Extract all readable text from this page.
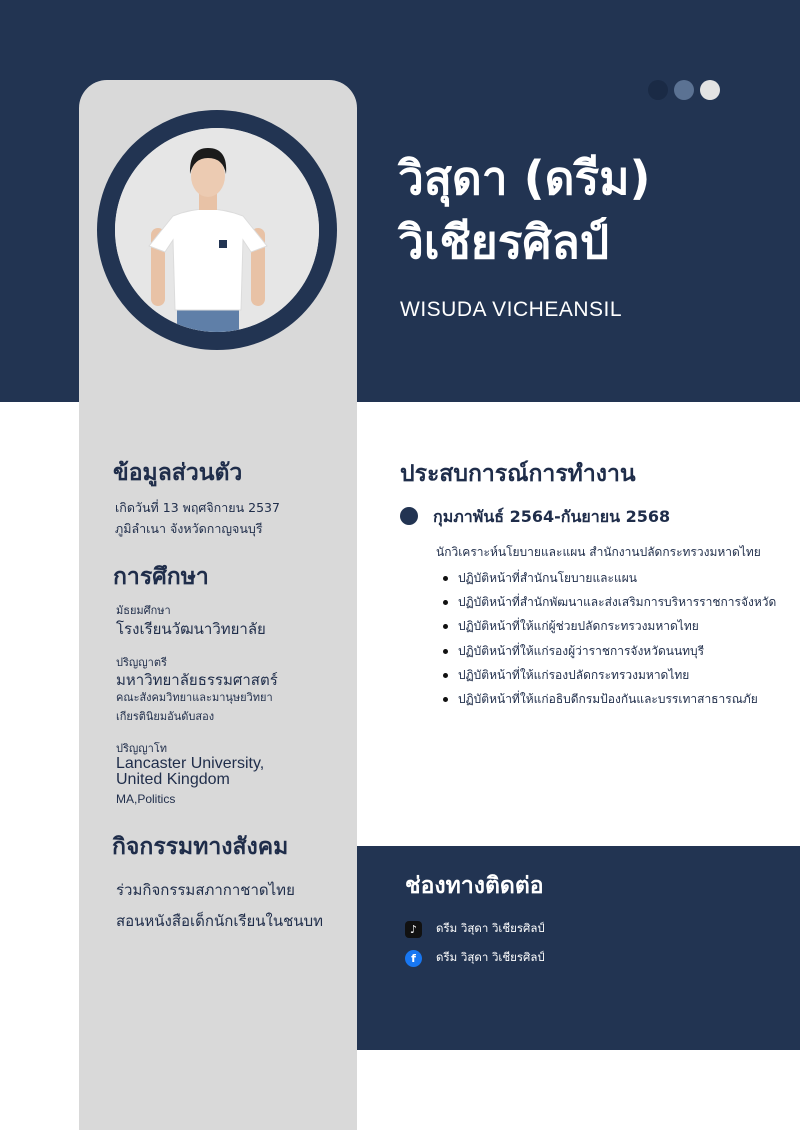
วิสุดา (ดรีม)
วิเชียรศิลป์
WISUDA VICHEANSIL
ข้อมูลส่วนตัว
เกิดวันที่ 13 พฤศจิกายน 2537
ภูมิลำเนา จังหวัดกาญจนบุรี
การศึกษา
มัธยมศึกษา
โรงเรียนวัฒนาวิทยาลัย
ปริญญาตรี
มหาวิทยาลัยธรรมศาสตร์
คณะสังคมวิทยาและมานุษยวิทยา
เกียรตินิยมอันดับสอง
ปริญญาโท
Lancaster University,
United Kingdom
MA,Politics
กิจกรรมทางสังคม
ร่วมกิจกรรมสภากาชาดไทย
สอนหนังสือเด็กนักเรียนในชนบท
ประสบการณ์การทำงาน
กุมภาพันธ์ 2564-กันยายน 2568
นักวิเคราะห์นโยบายและแผน สำนักงานปลัดกระทรวงมหาดไทย
ปฏิบัติหน้าที่สำนักนโยบายและแผน
ปฏิบัติหน้าที่สำนักพัฒนาและส่งเสริมการบริหารราชการจังหวัด
ปฏิบัติหน้าที่ให้แก่ผู้ช่วยปลัดกระทรวงมหาดไทย
ปฏิบัติหน้าที่ให้แก่รองผู้ว่าราชการจังหวัดนนทบุรี
ปฏิบัติหน้าที่ให้แก่รองปลัดกระทรวงมหาดไทย
ปฏิบัติหน้าที่ให้แก่อธิบดีกรมป้องกันและบรรเทาสาธารณภัย
ช่องทางติดต่อ
♪	ดรีม วิสุดา วิเชียรศิลป์
f	ดรีม วิสุดา วิเชียรศิลป์
